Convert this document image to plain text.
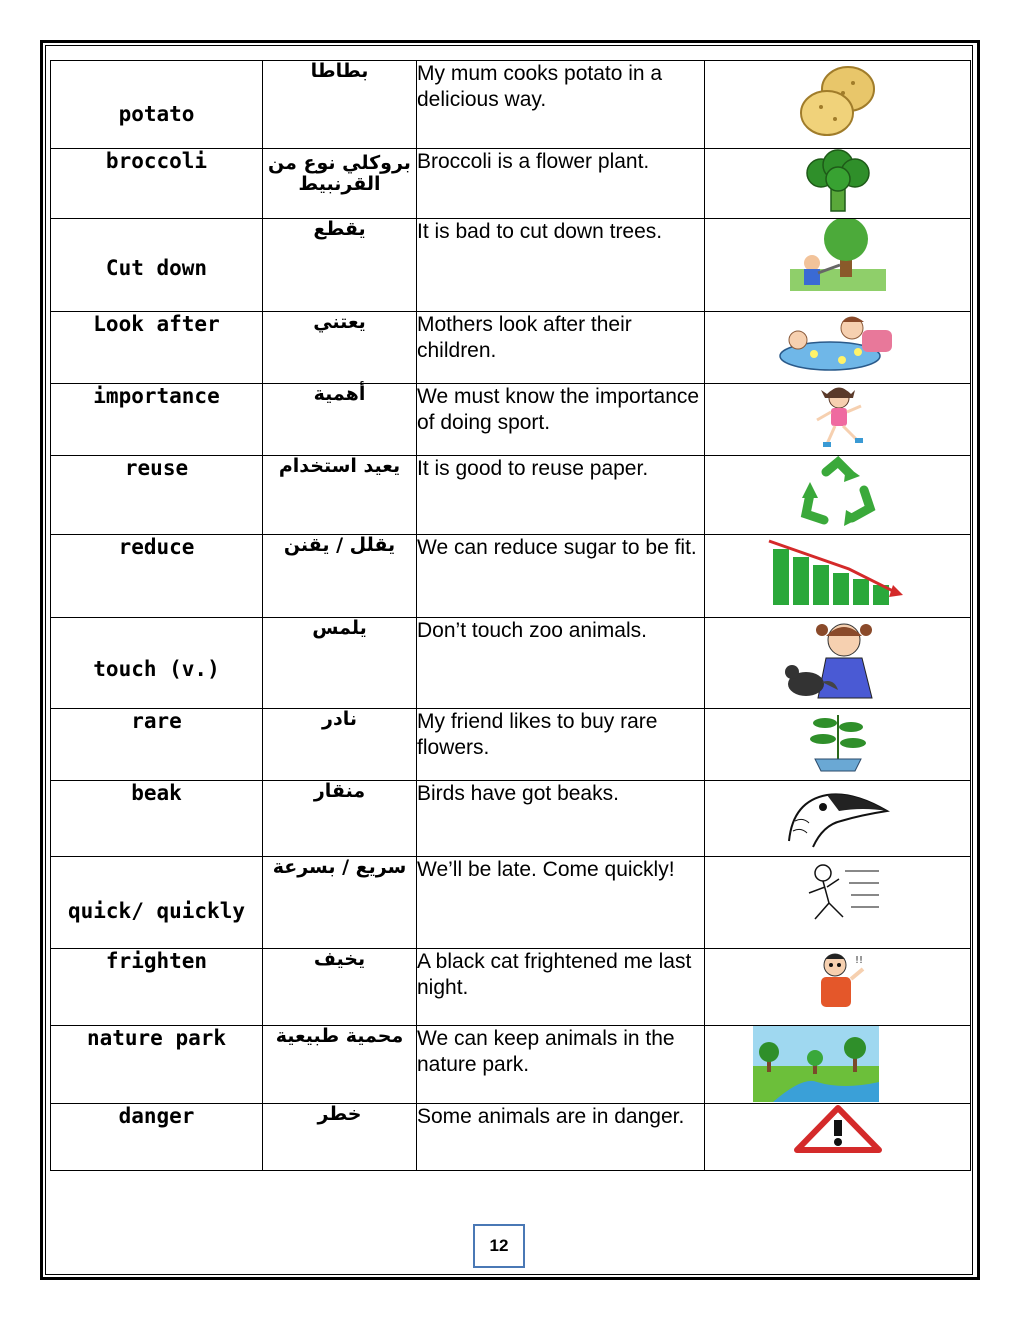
potato	بطاطا	My mum cooks potato in a delicious way.	

broccoli	بروكلي نوع من القرنبيط	Broccoli is a flower plant.	

Cut down	يقطع	It is bad to cut down trees.	

Look after	يعتني	Mothers look after their children.	

importance	أهمية	We must know the importance of doing sport.	

reuse	يعيد استخدام	It is good to reuse paper.	

reduce	يقلل / يقنن	We can reduce sugar to be fit.	

touch (v.)	يلمس	Don’t touch zoo animals.	

rare	نادر	My friend likes to buy rare flowers.	

beak	منقار	Birds have got beaks.	

quick/ quickly	سريع / بسرعة	We’ll be late. Come quickly!	

frighten	يخيف	A black cat frightened me last night.	!!

nature park	محمية طبيعية	We can keep animals in the nature park.	

danger	خطر	Some animals are in danger.	
12
